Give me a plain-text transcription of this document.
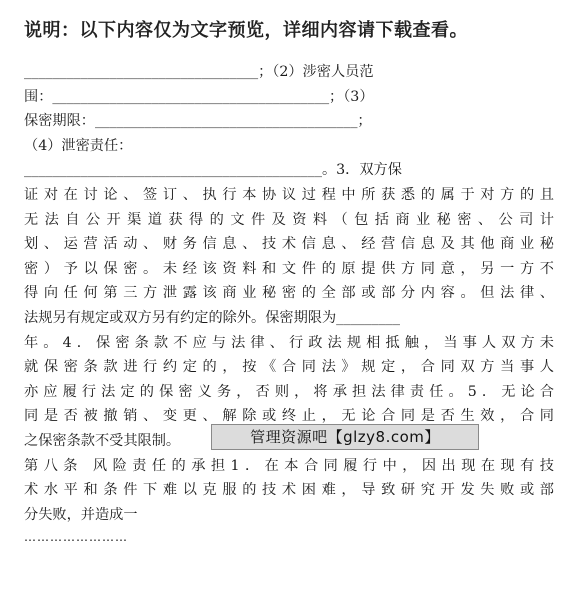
说明：以下内容仅为文字预览，详细内容请下载查看。
_________________________________；（2）涉密人员范
围：_______________________________________；（3）
保密期限：_____________________________________；
（4）泄密责任：
__________________________________________。3．双方保
证对在讨论、签订、执行本协议过程中所获悉的属于对方的且
无法自公开渠道获得的文件及资料（包括商业秘密、公司计
划、运营活动、财务信息、技术信息、经营信息及其他商业秘
密）予以保密。未经该资料和文件的原提供方同意，另一方不
得向任何第三方泄露该商业秘密的全部或部分内容。但法律、
法规另有规定或双方另有约定的除外。保密期限为_________
年。4．保密条款不应与法律、行政法规相抵触，当事人双方未
就保密条款进行约定的，按《合同法》规定，合同双方当事人
亦应履行法定的保密义务，否则，将承担法律责任。5．无论合
同是否被撤销、变更、解除或终止，无论合同是否生效，合同
之保密条款不受其限制。
第八条 风险责任的承担1．在本合同履行中，因出现在现有技
术水平和条件下难以克服的技术困难，导致研究开发失败或部
分失败，并造成一
管理资源吧【glzy8.com】
……………………
